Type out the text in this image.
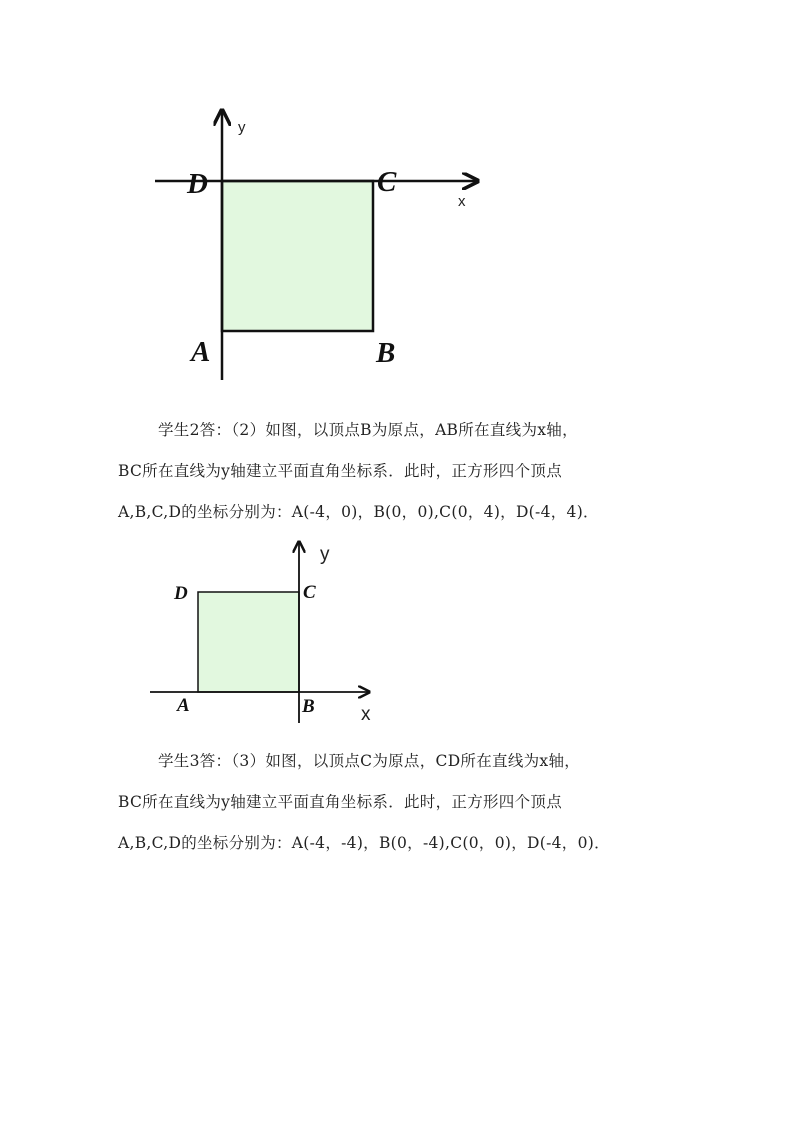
y
x
D	C
A	B
学生2答：（2）如图，以顶点B为原点，AB所在直线为x轴，
BC所在直线为y轴建立平面直角坐标系．此时，正方形四个顶点
A,B,C,D的坐标分别为：A(-4，0)，B(0，0),C(0，4)，D(-4，4)．
y
x
D	C
A	B
学生3答：（3）如图，以顶点C为原点，CD所在直线为x轴，
BC所在直线为y轴建立平面直角坐标系．此时，正方形四个顶点
A,B,C,D的坐标分别为：A(-4，-4)，B(0，-4),C(0，0)，D(-4，0)．
